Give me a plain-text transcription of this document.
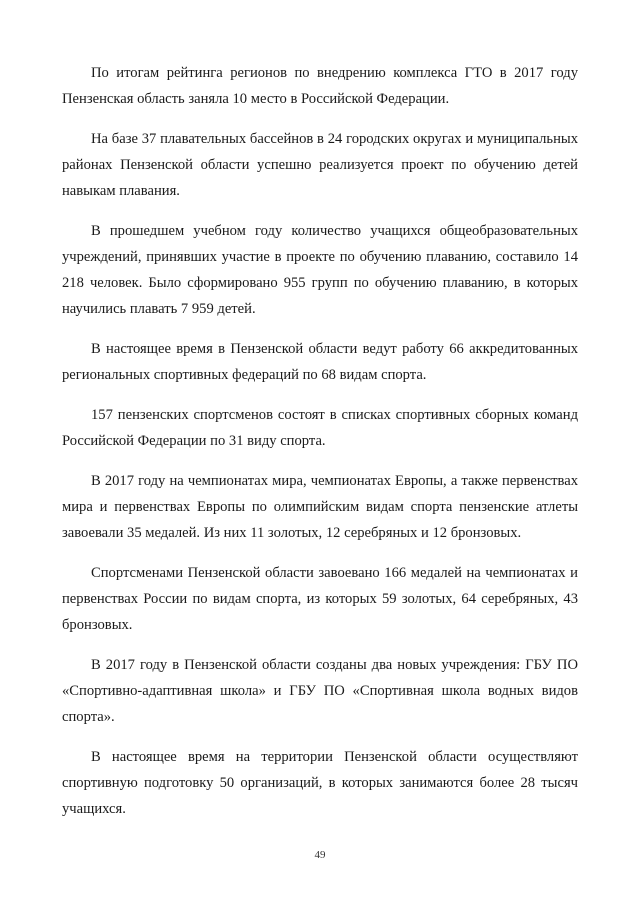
По итогам рейтинга регионов по внедрению комплекса ГТО в 2017 году Пензенская область заняла 10 место в Российской Федерации.

На базе 37 плавательных бассейнов в 24 городских округах и муниципальных районах Пензенской области успешно реализуется проект по обучению детей навыкам плавания.

В прошедшем учебном году количество учащихся общеобразовательных учреждений, принявших участие в проекте по обучению плаванию, составило 14 218 человек. Было сформировано 955 групп по обучению плаванию, в которых научились плавать 7 959 детей.

В настоящее время в Пензенской области ведут работу 66 аккредитованных региональных спортивных федераций по 68 видам спорта.

157 пензенских спортсменов состоят в списках спортивных сборных команд Российской Федерации по 31 виду спорта.

В 2017 году на чемпионатах мира, чемпионатах Европы, а также первенствах мира и первенствах Европы по олимпийским видам спорта пензенские атлеты завоевали 35 медалей. Из них 11 золотых, 12 серебряных и 12 бронзовых.

Спортсменами Пензенской области завоевано 166 медалей на чемпионатах и первенствах России по видам спорта, из которых 59 золотых, 64 серебряных, 43 бронзовых.

В 2017 году в Пензенской области созданы два новых учреждения: ГБУ ПО «Спортивно-адаптивная школа» и ГБУ ПО «Спортивная школа водных видов спорта».

В настоящее время на территории Пензенской области осуществляют спортивную подготовку 50 организаций, в которых занимаются более 28 тысяч учащихся.

49
